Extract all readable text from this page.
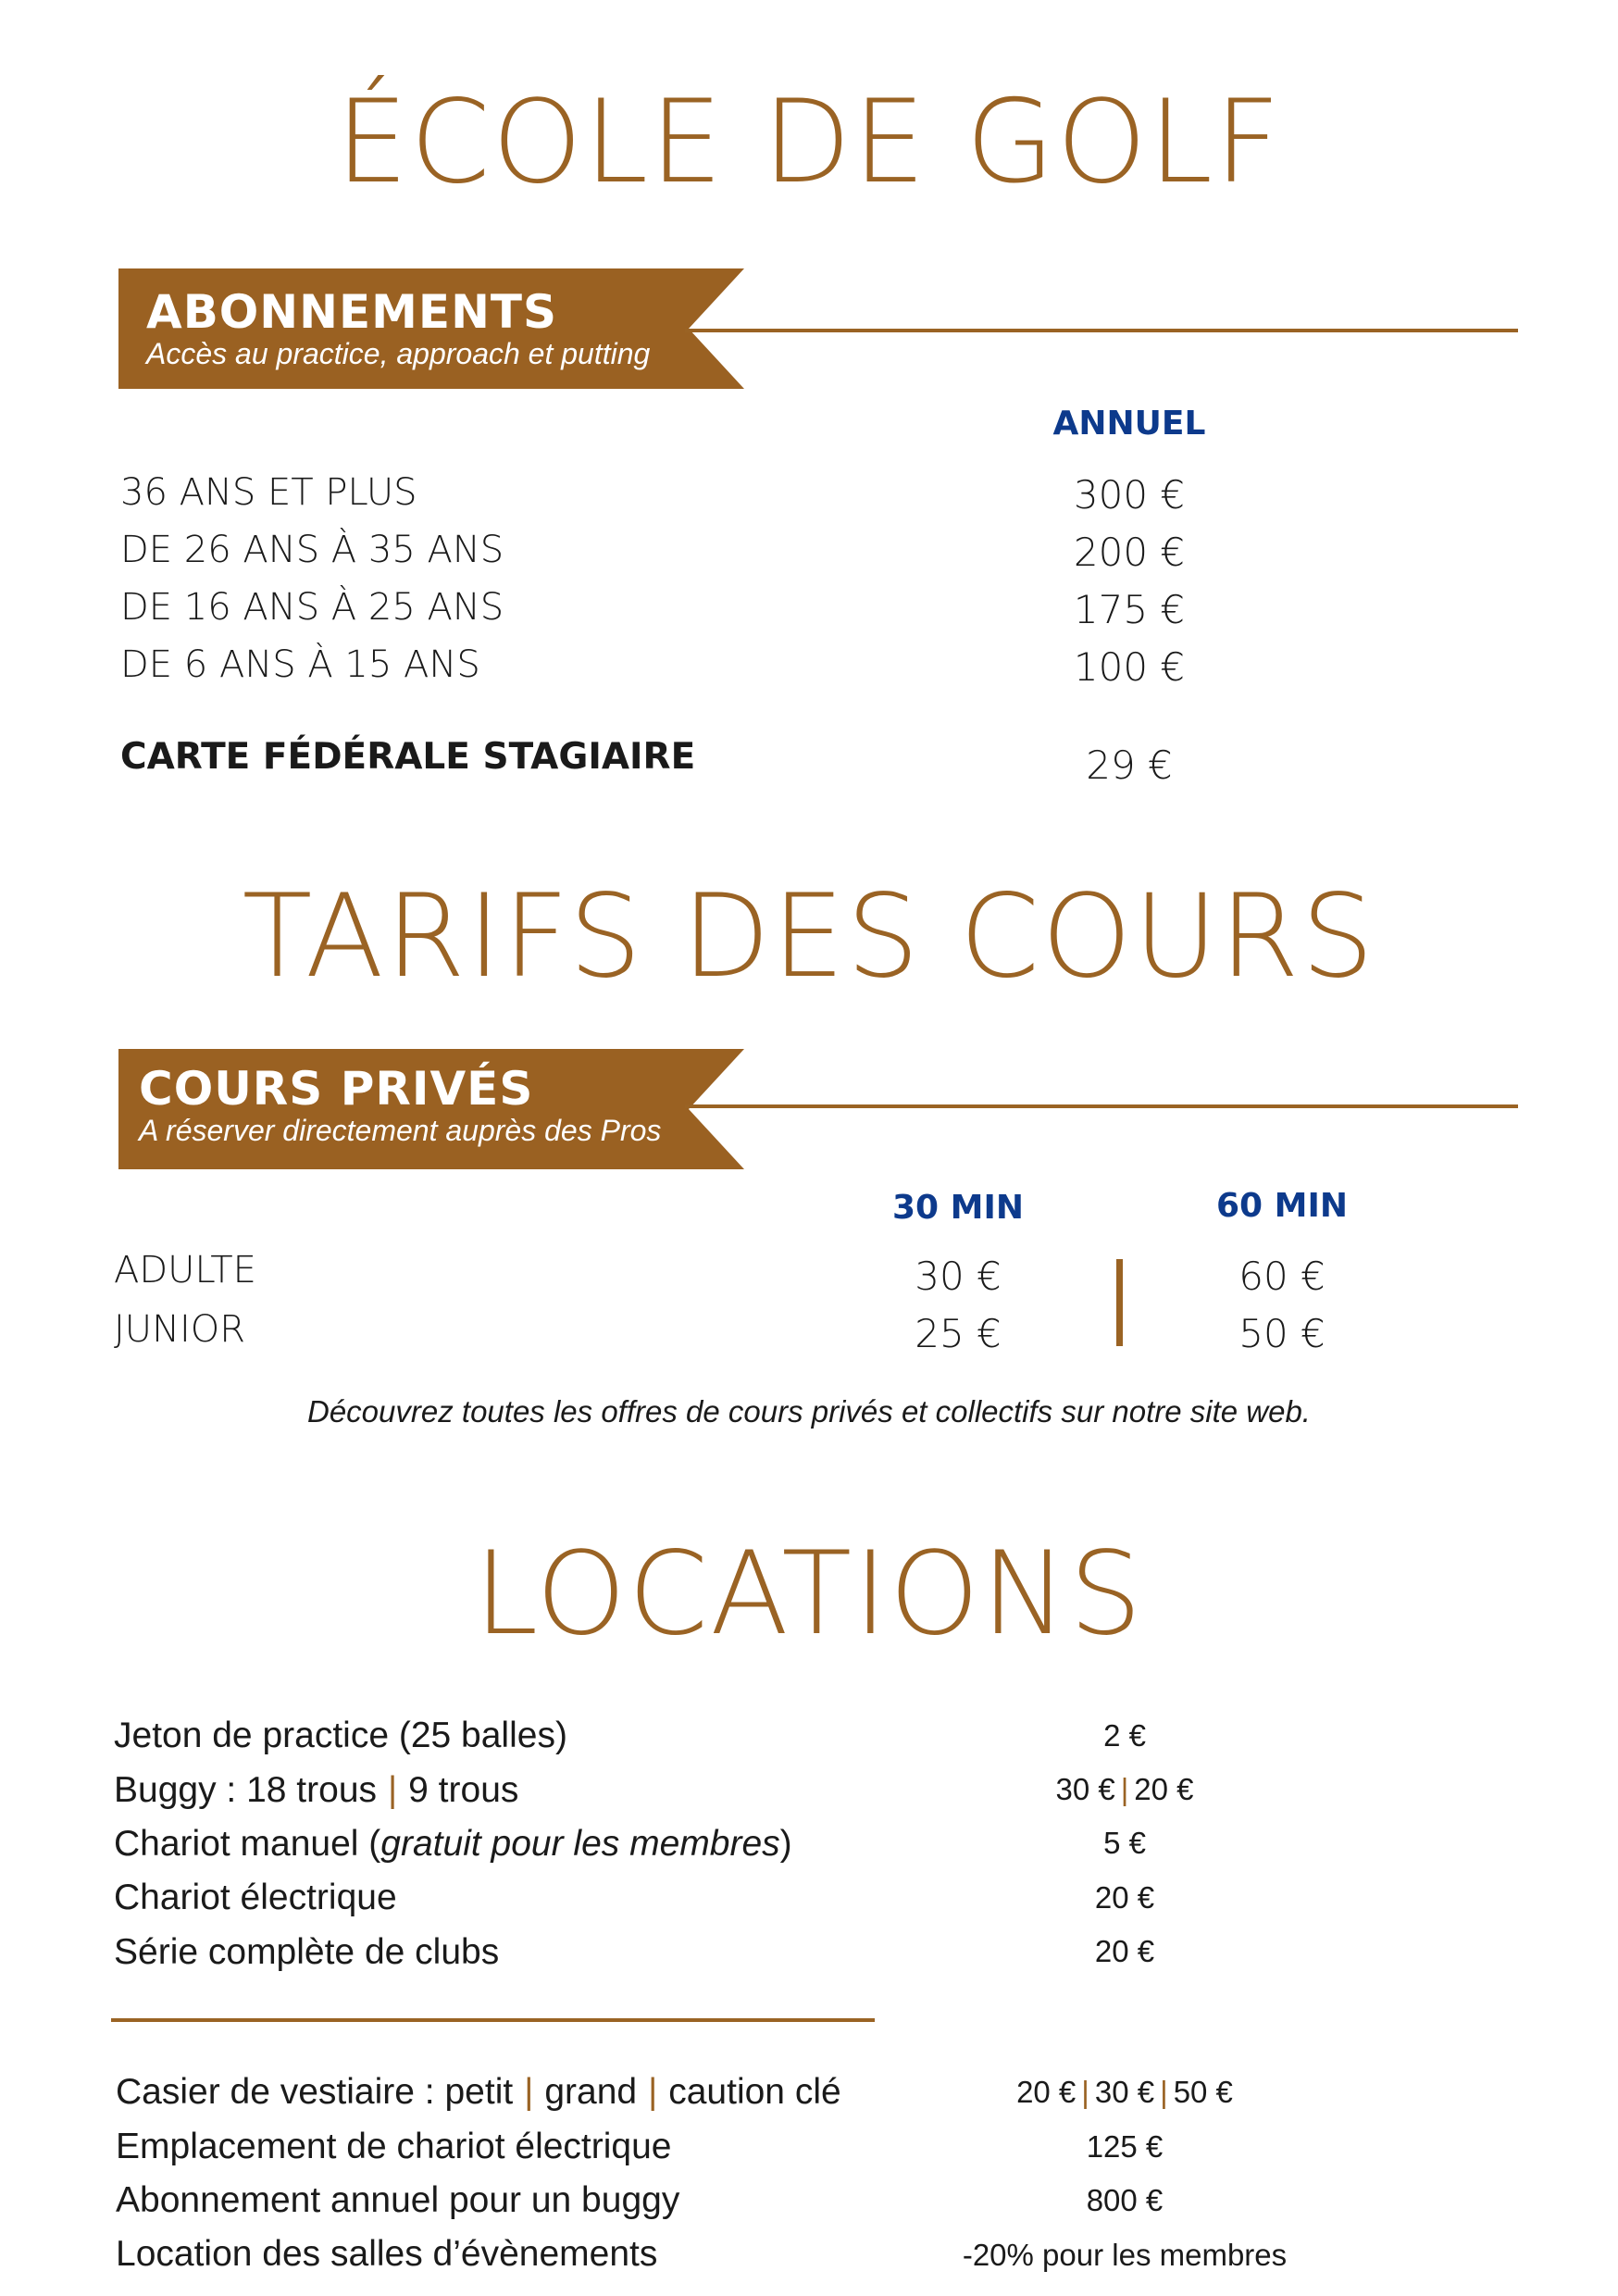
ÉCOLE DE GOLF
ABONNEMENTS
Accès au practice, approach et putting
ANNUEL
36 ANS ET PLUS	300 €
DE 26 ANS À 35 ANS	200 €
DE 16 ANS À 25 ANS	175 €
DE 6 ANS À 15 ANS	100 €
CARTE FÉDÉRALE STAGIAIRE	29 €
TARIFS DES COURS
COURS PRIVÉS
A réserver directement auprès des Pros
30 MIN	60 MIN
ADULTE	30 €	60 €
JUNIOR	25 €	50 €
Découvrez toutes les offres de cours privés et collectifs sur notre site web.
LOCATIONS
Jeton de practice (25 balles)	2 €
Buggy : 18 trous | 9 trous	30 € | 20 €
Chariot manuel (gratuit pour les membres)	5 €
Chariot électrique	20 €
Série complète de clubs	20 €
Casier de vestiaire : petit | grand | caution clé	20 € | 30 € | 50 €
Emplacement de chariot électrique	125 €
Abonnement annuel pour un buggy	800 €
Location des salles d’évènements	-20% pour les membres
